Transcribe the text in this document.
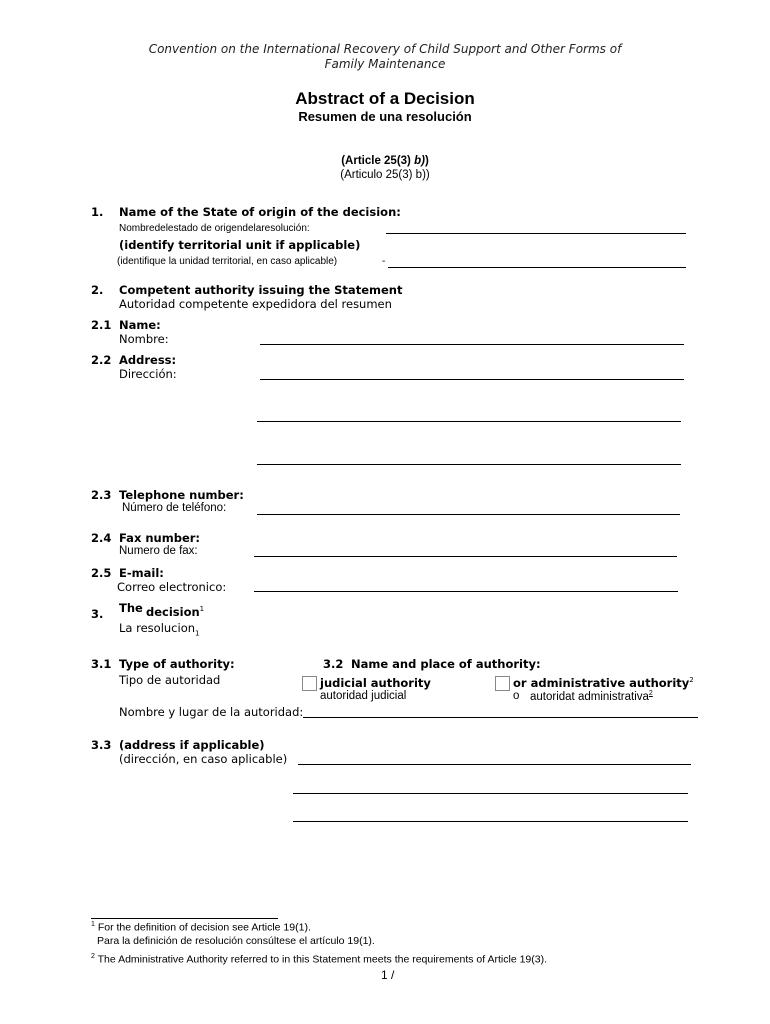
Convention on the International Recovery of Child Support and Other Forms of
Family Maintenance
Abstract of a Decision
Resumen de una resolución
(Article 25(3) b))
(Articulo 25(3) b))
1. Name of the State of origin of the decision:
Nombredelestado de origendelaresolución:
(identify territorial unit if applicable)
(identifique la unidad territorial, en caso aplicable)	-
2. Competent authority issuing the Statement
Autoridad competente expedidora del resumen
2.1 Name:
Nombre:
2.2 Address:
Dirección:
2.3 Telephone number:
Número de teléfono:
2.4 Fax number:
Numero de fax:
2.5 E-mail:
Correo electronico:
3. The decision$^1$
La resolucion$_1$
3.1 Type of authority:
Tipo de autoridad
3.2 Name and place of authority:
judicial authority
autoridad judicial
or administrative authority$^2$
o autoridat administrativa$^2$
Nombre y lugar de la autoridad:
3.3 (address if applicable)
(dirección, en caso aplicable)
$^1$ For the definition of decision see Article 19(1).
Para la definición de resolución consúltese el artículo 19(1).
$^2$ The Administrative Authority referred to in this Statement meets the requirements of Article 19(3).
1 /
